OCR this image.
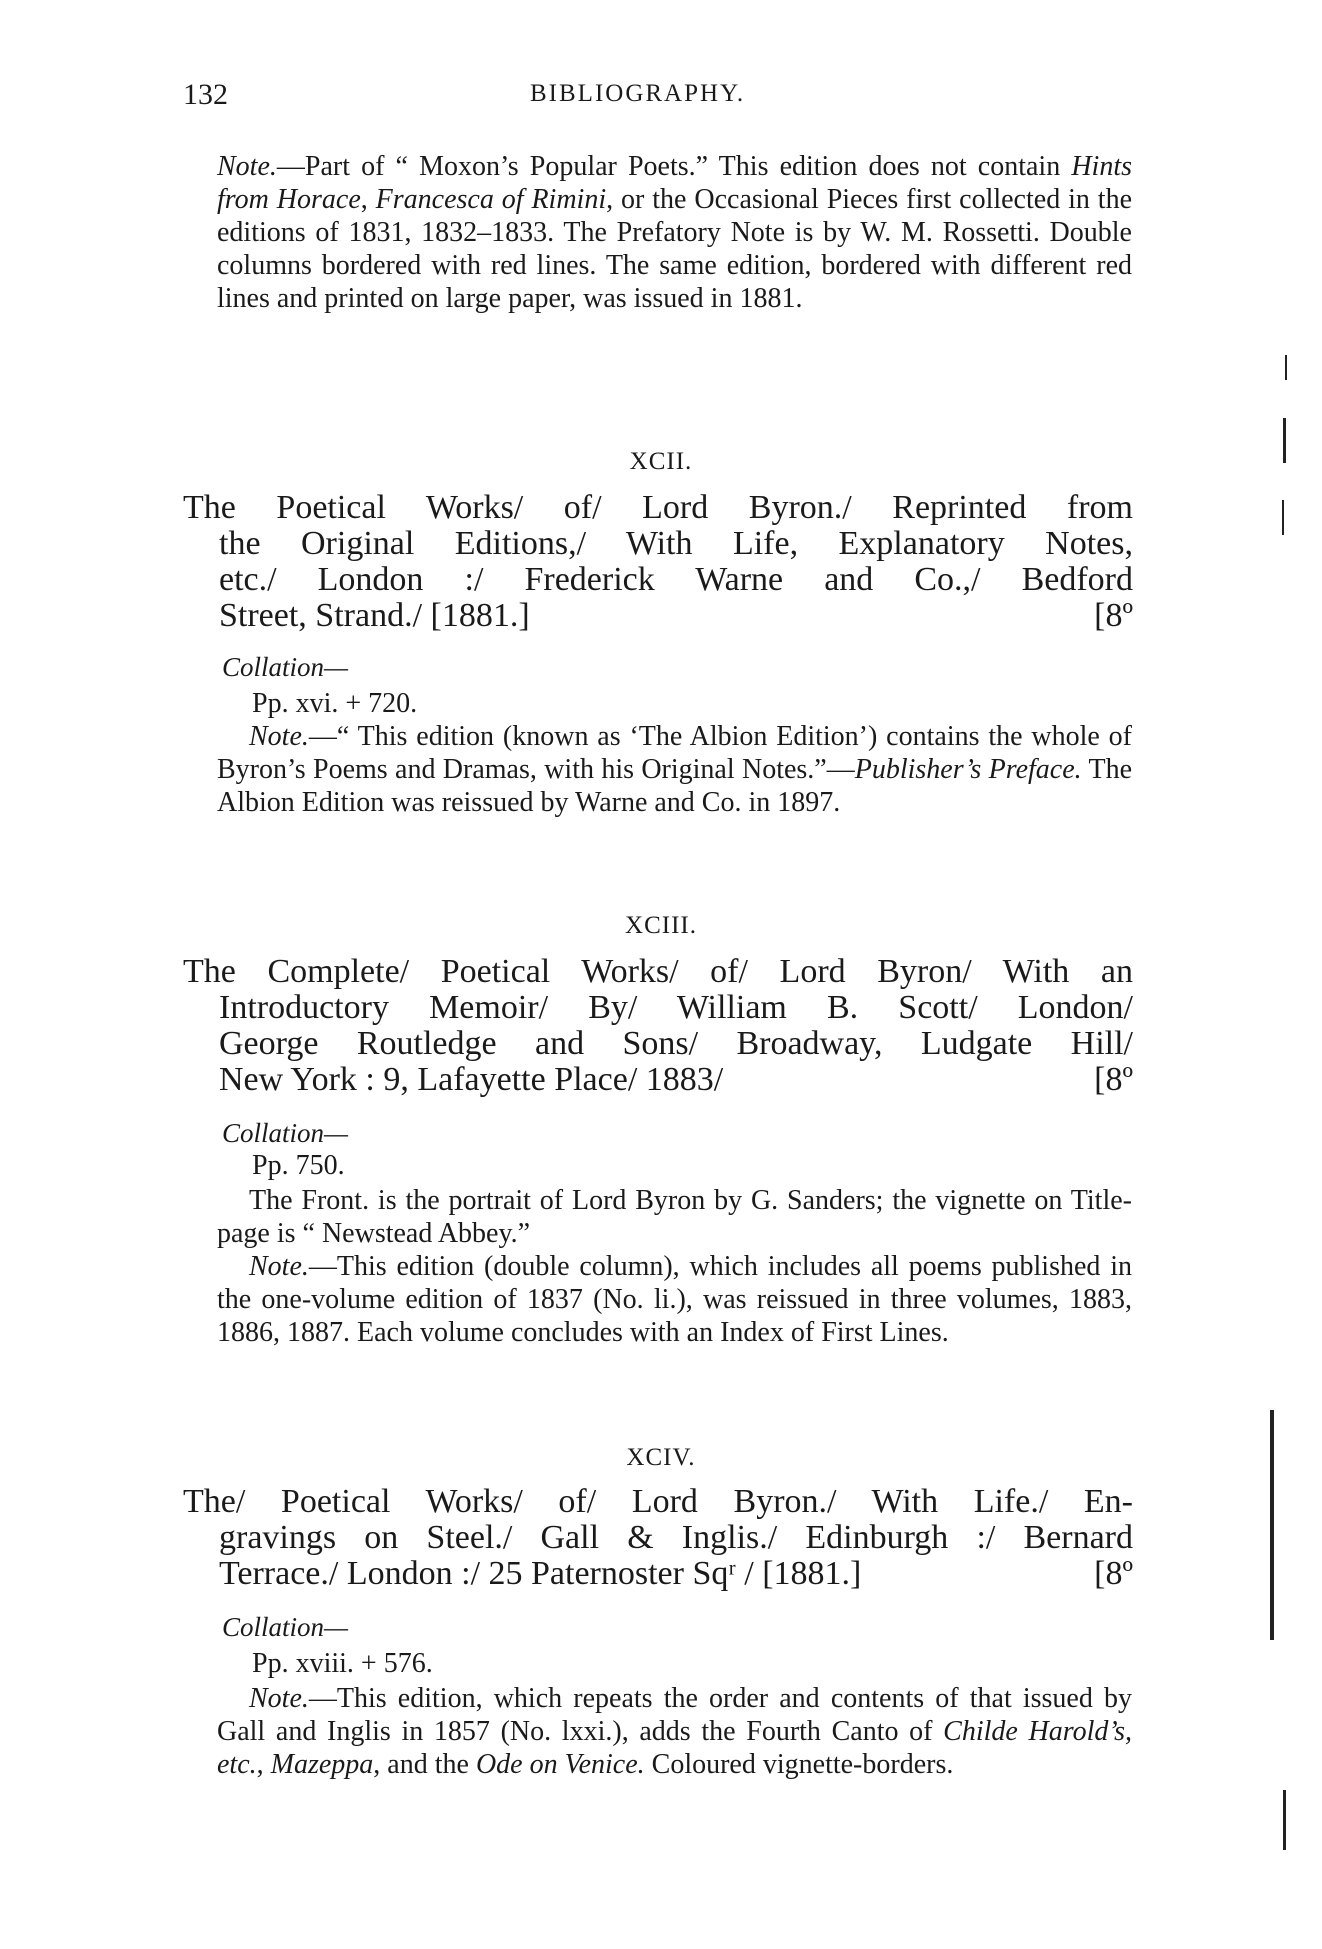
132	BIBLIOGRAPHY.
Note.—Part of “ Moxon’s Popular Poets.” This edition does not contain Hints from Horace, Francesca of Rimini, or the Occasional Pieces first collected in the editions of 1831, 1832–1833. The Prefatory Note is by W. M. Rossetti. Double columns bordered with red lines. The same edition, bordered with different red lines and printed on large paper, was issued in 1881.
XCII.
The Poetical Works/ of/ Lord Byron./ Reprinted from
the Original Editions,/ With Life, Explanatory Notes,
etc./ London :/ Frederick Warne and Co.,/ Bedford
Street, Strand./ [1881.]	[8º
Collation—
Pp. xvi. + 720.
Note.—“ This edition (known as ‘The Albion Edition’) contains the whole of Byron’s Poems and Dramas, with his Original Notes.”—Publisher’s Preface. The Albion Edition was reissued by Warne and Co. in 1897.
XCIII.
The Complete/ Poetical Works/ of/ Lord Byron/ With an
Introductory Memoir/ By/ William B. Scott/ London/
George Routledge and Sons/ Broadway, Ludgate Hill/
New York : 9, Lafayette Place/ 1883/	[8º
Collation—
Pp. 750.
The Front. is the portrait of Lord Byron by G. Sanders; the vignette on Title-page is “ Newstead Abbey.”
Note.—This edition (double column), which includes all poems published in the one-volume edition of 1837 (No. li.), was reissued in three volumes, 1883, 1886, 1887. Each volume concludes with an Index of First Lines.
XCIV.
The/ Poetical Works/ of/ Lord Byron./ With Life./ En-
gravings on Steel./ Gall & Inglis./ Edinburgh :/ Bernard
Terrace./ London :/ 25 Paternoster Sqʳ / [1881.]	[8º
Collation—
Pp. xviii. + 576.
Note.—This edition, which repeats the order and contents of that issued by Gall and Inglis in 1857 (No. lxxi.), adds the Fourth Canto of Childe Harold’s, etc., Mazeppa, and the Ode on Venice. Coloured vignette-borders.
